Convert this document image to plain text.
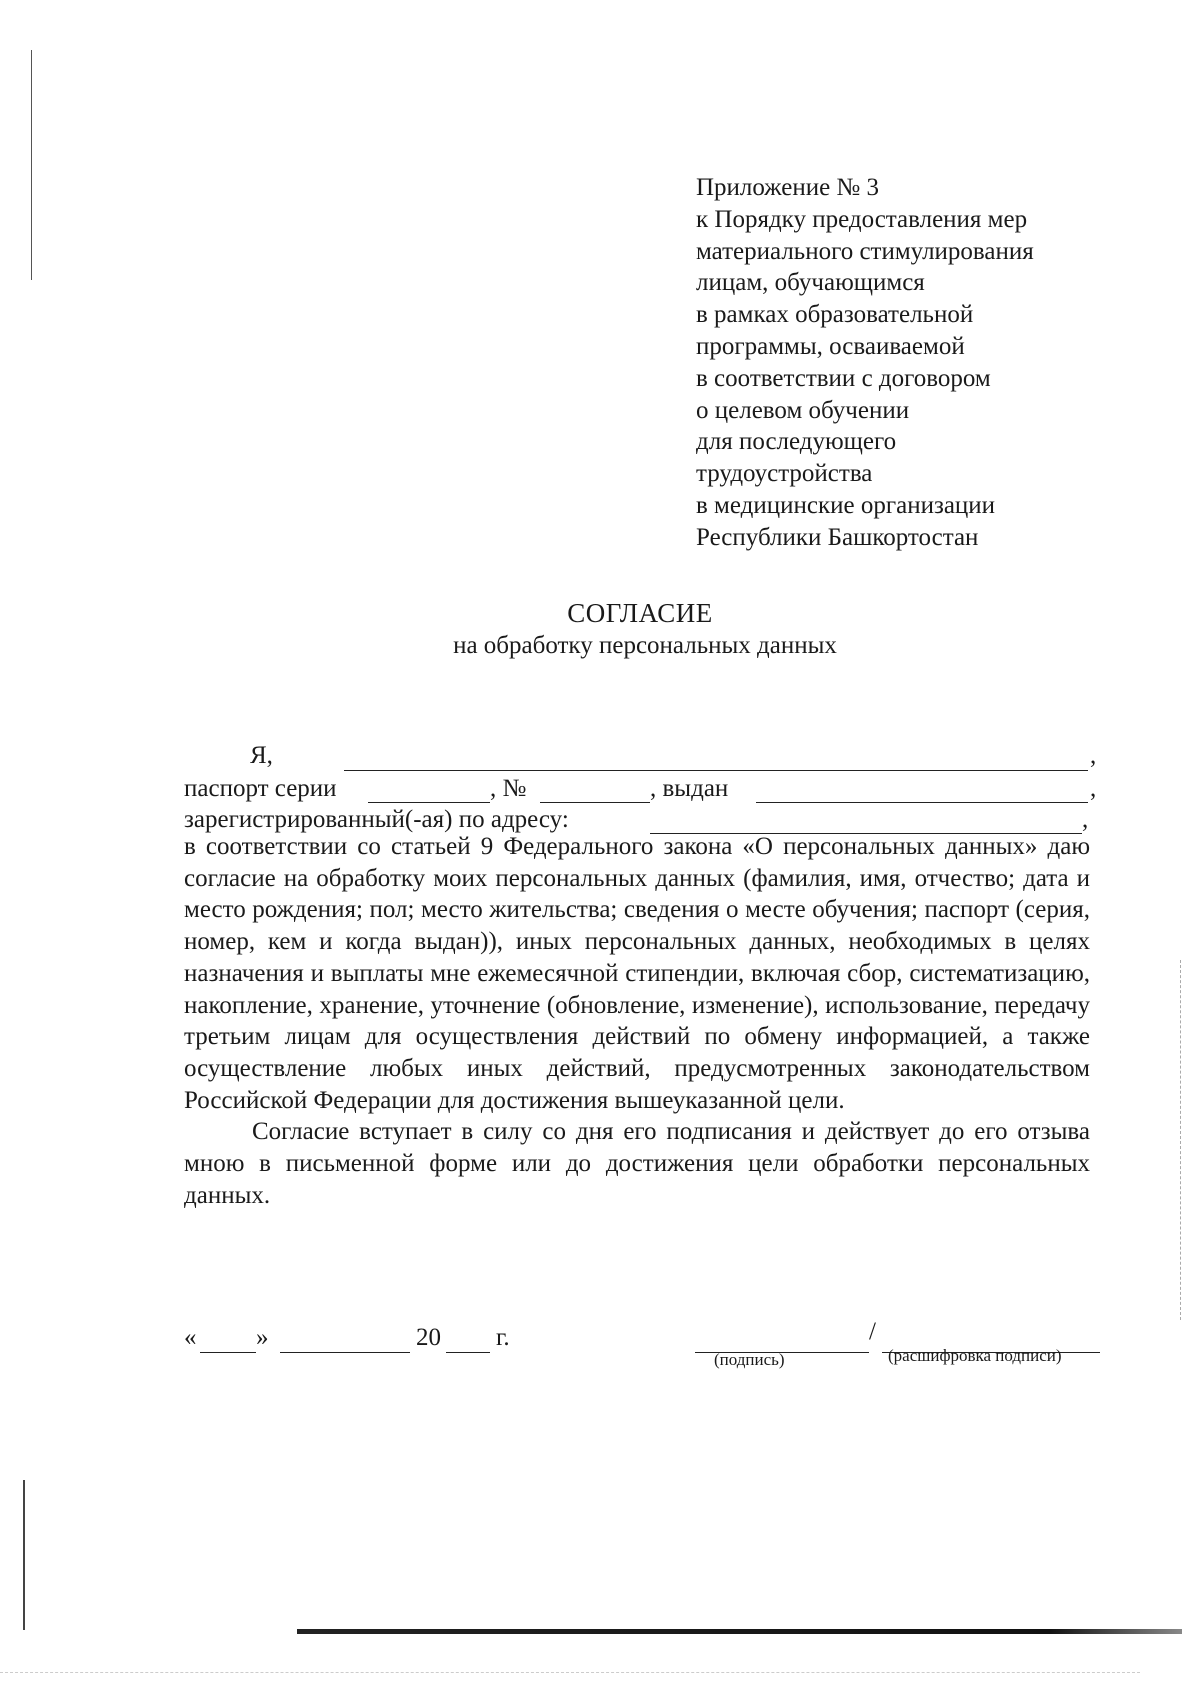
Приложение № 3
к Порядку предоставления мер
материального стимулирования
лицам, обучающимся
в рамках образовательной
программы, осваиваемой
в соответствии с договором
о целевом обучении
для последующего
трудоустройства
в медицинские организации
Республики Башкортостан
СОГЛАСИЕ
на обработку персональных данных
Я,	,
паспорт серии	, №	, выдан	,
зарегистрированный(-ая) по адресу:	,

в соответствии со статьей 9 Федерального закона «О персональных данных» даю согласие на обработку моих персональных данных (фамилия, имя, отчество; дата и место рождения; пол; место жительства; сведения о месте обучения; паспорт (серия, номер, кем и когда выдан)), иных персональных данных, необходимых в целях назначения и выплаты мне ежемесячной стипендии, включая сбор, систематизацию, накопление, хранение, уточнение (обновление, изменение), использование, передачу третьим лицам для осуществления действий по обмену информацией, а также осуществление любых иных действий, предусмотренных законодательством Российской Федерации для достижения вышеуказанной цели.

Согласие вступает в силу со дня его подписания и действует до его отзыва мною в письменной форме или до достижения цели обработки персональных данных.

« »	20 г.	/
(подпись)	(расшифровка подписи)
